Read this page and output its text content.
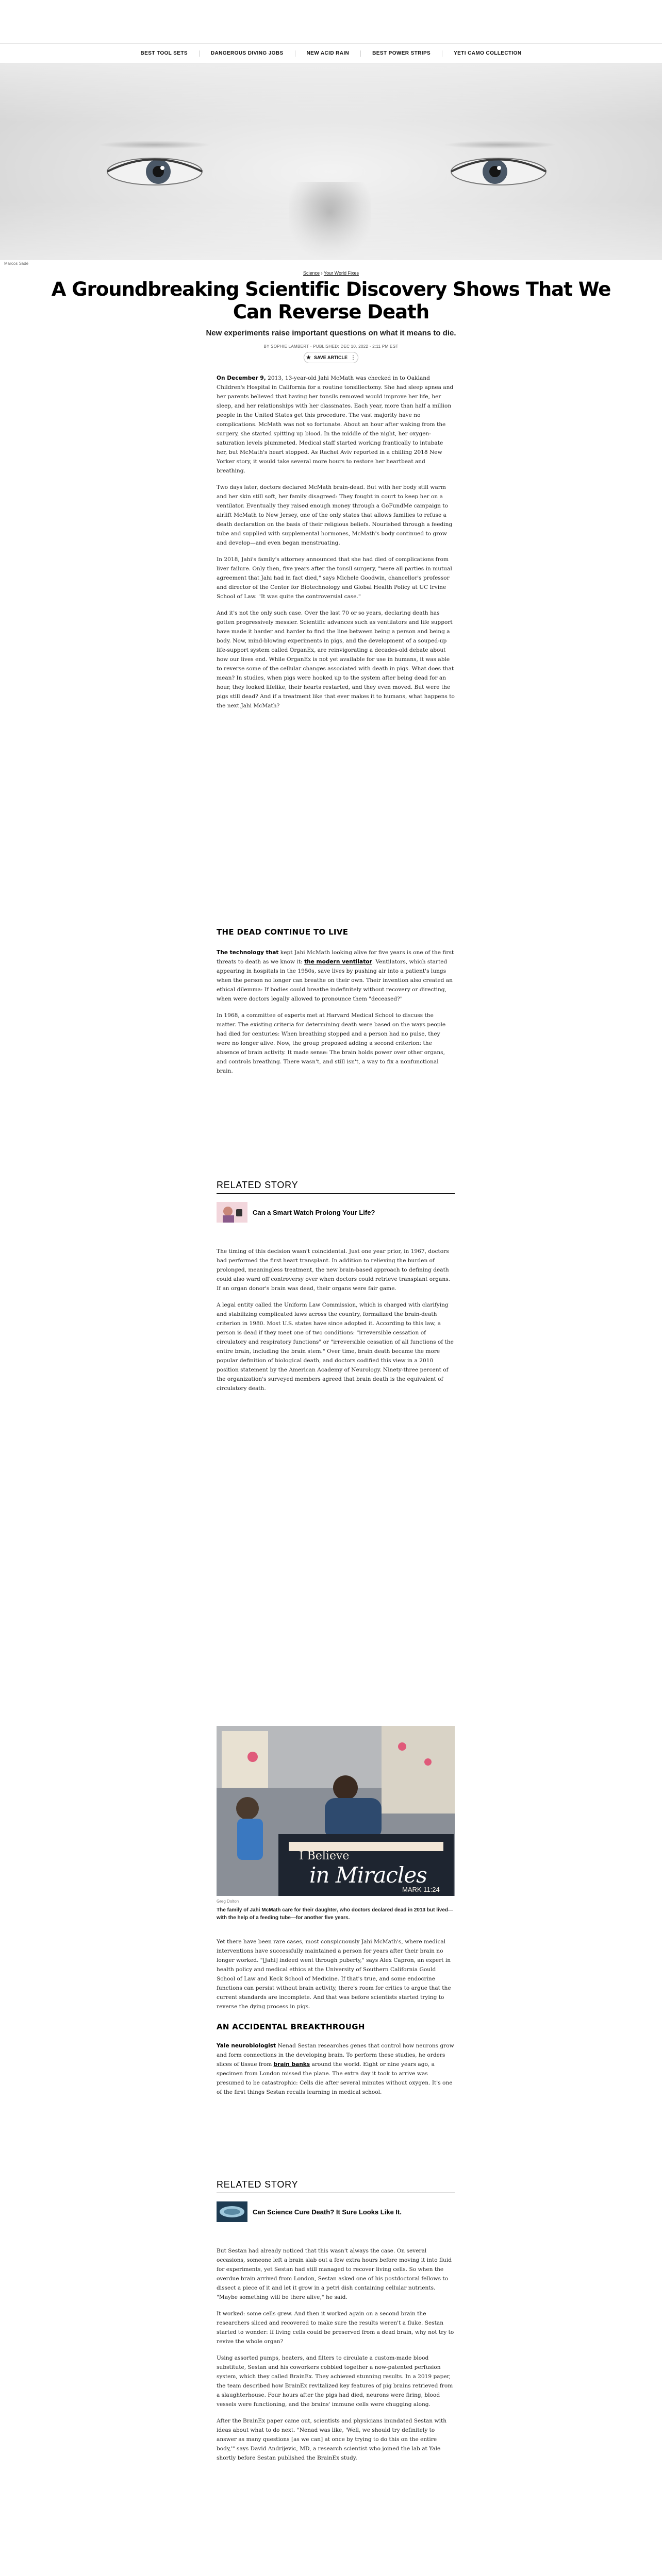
BEST TOOL SETS	DANGEROUS DIVING JOBS	NEW ACID RAIN	BEST POWER STRIPS	YETI CAMO COLLECTION
Marcos Sadé
Science › Your World Fixes
A Groundbreaking Scientific Discovery Shows That We Can Reverse Death
New experiments raise important questions on what it means to die.
BY SOPHIE LAMBERT · PUBLISHED: DEC 10, 2022 · 2:11 PM EST
★ SAVE ARTICLE ⋮

On December 9, 2013, 13-year-old Jahi McMath was checked in to Oakland Children's Hospital in California for a routine tonsillectomy. She had sleep apnea and her parents believed that having her tonsils removed would improve her life, her sleep, and her relationships with her classmates. Each year, more than half a million people in the United States get this procedure. The vast majority have no complications. McMath was not so fortunate. About an hour after waking from the surgery, she started spitting up blood. In the middle of the night, her oxygen-saturation levels plummeted. Medical staff started working frantically to intubate her, but McMath's heart stopped. As Rachel Aviv reported in a chilling 2018 New Yorker story, it would take several more hours to restore her heartbeat and breathing.

Two days later, doctors declared McMath brain-dead. But with her body still warm and her skin still soft, her family disagreed: They fought in court to keep her on a ventilator. Eventually they raised enough money through a GoFundMe campaign to airlift McMath to New Jersey, one of the only states that allows families to refuse a death declaration on the basis of their religious beliefs. Nourished through a feeding tube and supplied with supplemental hormones, McMath's body continued to grow and develop—and even began menstruating.

In 2018, Jahi's family's attorney announced that she had died of complications from liver failure. Only then, five years after the tonsil surgery, "were all parties in mutual agreement that Jahi had in fact died," says Michele Goodwin, chancellor's professor and director of the Center for Biotechnology and Global Health Policy at UC Irvine School of Law. "It was quite the controversial case."

And it's not the only such case. Over the last 70 or so years, declaring death has gotten progressively messier. Scientific advances such as ventilators and life support have made it harder and harder to find the line between being a person and being a body. Now, mind-blowing experiments in pigs, and the development of a souped-up life-support system called OrganEx, are reinvigorating a decades-old debate about how our lives end. While OrganEx is not yet available for use in humans, it was able to reverse some of the cellular changes associated with death in pigs. What does that mean? In studies, when pigs were hooked up to the system after being dead for an hour, they looked lifelike, their hearts restarted, and they even moved. But were the pigs still dead? And if a treatment like that ever makes it to humans, what happens to the next Jahi McMath?

THE DEAD CONTINUE TO LIVE

The technology that kept Jahi McMath looking alive for five years is one of the first threats to death as we know it: the modern ventilator. Ventilators, which started appearing in hospitals in the 1950s, save lives by pushing air into a patient's lungs when the person no longer can breathe on their own. Their invention also created an ethical dilemma: If bodies could breathe indefinitely without recovery or directing, when were doctors legally allowed to pronounce them "deceased?"

In 1968, a committee of experts met at Harvard Medical School to discuss the matter. The existing criteria for determining death were based on the ways people had died for centuries: When breathing stopped and a person had no pulse, they were no longer alive. Now, the group proposed adding a second criterion: the absence of brain activity. It made sense: The brain holds power over other organs, and controls breathing. There wasn't, and still isn't, a way to fix a nonfunctional brain.

RELATED STORY
Can a Smart Watch Prolong Your Life?

The timing of this decision wasn't coincidental. Just one year prior, in 1967, doctors had performed the first heart transplant. In addition to relieving the burden of prolonged, meaningless treatment, the new brain-based approach to defining death could also ward off controversy over when doctors could retrieve transplant organs. If an organ donor's brain was dead, their organs were fair game.

A legal entity called the Uniform Law Commission, which is charged with clarifying and stabilizing complicated laws across the country, formalized the brain-death criterion in 1980. Most U.S. states have since adopted it. According to this law, a person is dead if they meet one of two conditions: "irreversible cessation of circulatory and respiratory functions" or "irreversible cessation of all functions of the entire brain, including the brain stem." Over time, brain death became the more popular definition of biological death, and doctors codified this view in a 2010 position statement by the American Academy of Neurology. Ninety-three percent of the organization's surveyed members agreed that brain death is the equivalent of circulatory death.

I Believe
in Miracles
MARK 11:24
Greg Dolton
The family of Jahi McMath care for their daughter, who doctors declared dead in 2013 but lived—with the help of a feeding tube—for another five years.

Yet there have been rare cases, most conspicuously Jahi McMath's, where medical interventions have successfully maintained a person for years after their brain no longer worked. "[Jahi] indeed went through puberty," says Alex Capron, an expert in health policy and medical ethics at the University of Southern California Gould School of Law and Keck School of Medicine. If that's true, and some endocrine functions can persist without brain activity, there's room for critics to argue that the current standards are incomplete. And that was before scientists started trying to reverse the dying process in pigs.

AN ACCIDENTAL BREAKTHROUGH

Yale neurobiologist Nenad Sestan researches genes that control how neurons grow and form connections in the developing brain. To perform these studies, he orders slices of tissue from brain banks around the world. Eight or nine years ago, a specimen from London missed the plane. The extra day it took to arrive was presumed to be catastrophic: Cells die after several minutes without oxygen. It's one of the first things Sestan recalls learning in medical school.

RELATED STORY
Can Science Cure Death? It Sure Looks Like It.

But Sestan had already noticed that this wasn't always the case. On several occasions, someone left a brain slab out a few extra hours before moving it into fluid for experiments, yet Sestan had still managed to recover living cells. So when the overdue brain arrived from London, Sestan asked one of his postdoctoral fellows to dissect a piece of it and let it grow in a petri dish containing cellular nutrients. "Maybe something will be there alive," he said.

It worked: some cells grew. And then it worked again on a second brain the researchers sliced and recovered to make sure the results weren't a fluke. Sestan started to wonder: If living cells could be preserved from a dead brain, why not try to revive the whole organ?

Using assorted pumps, heaters, and filters to circulate a custom-made blood substitute, Sestan and his coworkers cobbled together a now-patented perfusion system, which they called BrainEx. They achieved stunning results. In a 2019 paper, the team described how BrainEx revitalized key features of pig brains retrieved from a slaughterhouse. Four hours after the pigs had died, neurons were firing, blood vessels were functioning, and the brains' immune cells were chugging along.

After the BrainEx paper came out, scientists and physicians inundated Sestan with ideas about what to do next. "Nenad was like, 'Well, we should try definitely to answer as many questions [as we can] at once by trying to do this on the entire body,'" says David Andrijevic, MD, a research scientist who joined the lab at Yale shortly before Sestan published the BrainEx study.
